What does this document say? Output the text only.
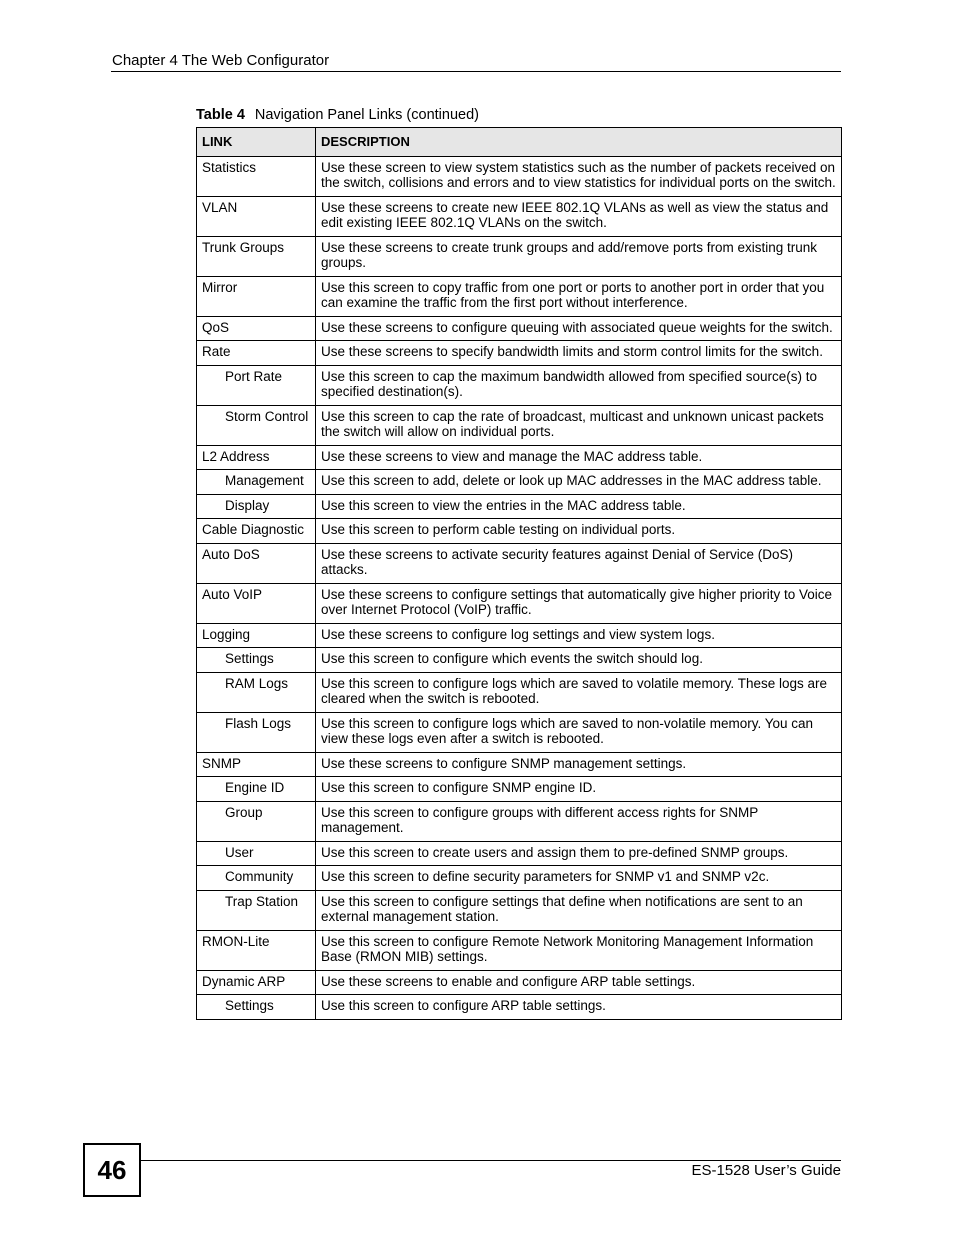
Chapter 4 The Web Configurator
Table 4 Navigation Panel Links (continued)
LINK	DESCRIPTION
Statistics	Use these screen to view system statistics such as the number of packets received on the switch, collisions and errors and to view statistics for individual ports on the switch.
VLAN	Use these screens to create new IEEE 802.1Q VLANs as well as view the status and edit existing IEEE 802.1Q VLANs on the switch.
Trunk Groups	Use these screens to create trunk groups and add/remove ports from existing trunk groups.
Mirror	Use this screen to copy traffic from one port or ports to another port in order that you can examine the traffic from the first port without interference.
QoS	Use these screens to configure queuing with associated queue weights for the switch.
Rate	Use these screens to specify bandwidth limits and storm control limits for the switch.
Port Rate	Use this screen to cap the maximum bandwidth allowed from specified source(s) to specified destination(s).
Storm Control	Use this screen to cap the rate of broadcast, multicast and unknown unicast packets the switch will allow on individual ports.
L2 Address	Use these screens to view and manage the MAC address table.
Management	Use this screen to add, delete or look up MAC addresses in the MAC address table.
Display	Use this screen to view the entries in the MAC address table.
Cable Diagnostic	Use this screen to perform cable testing on individual ports.
Auto DoS	Use these screens to activate security features against Denial of Service (DoS) attacks.
Auto VoIP	Use these screens to configure settings that automatically give higher priority to Voice over Internet Protocol (VoIP) traffic.
Logging	Use these screens to configure log settings and view system logs.
Settings	Use this screen to configure which events the switch should log.
RAM Logs	Use this screen to configure logs which are saved to volatile memory. These logs are cleared when the switch is rebooted.
Flash Logs	Use this screen to configure logs which are saved to non-volatile memory. You can view these logs even after a switch is rebooted.
SNMP	Use these screens to configure SNMP management settings.
Engine ID	Use this screen to configure SNMP engine ID.
Group	Use this screen to configure groups with different access rights for SNMP management.
User	Use this screen to create users and assign them to pre-defined SNMP groups.
Community	Use this screen to define security parameters for SNMP v1 and SNMP v2c.
Trap Station	Use this screen to configure settings that define when notifications are sent to an external management station.
RMON-Lite	Use this screen to configure Remote Network Monitoring Management Information Base (RMON MIB) settings.
Dynamic ARP	Use these screens to enable and configure ARP table settings.
Settings	Use this screen to configure ARP table settings.
46	ES-1528 User’s Guide
